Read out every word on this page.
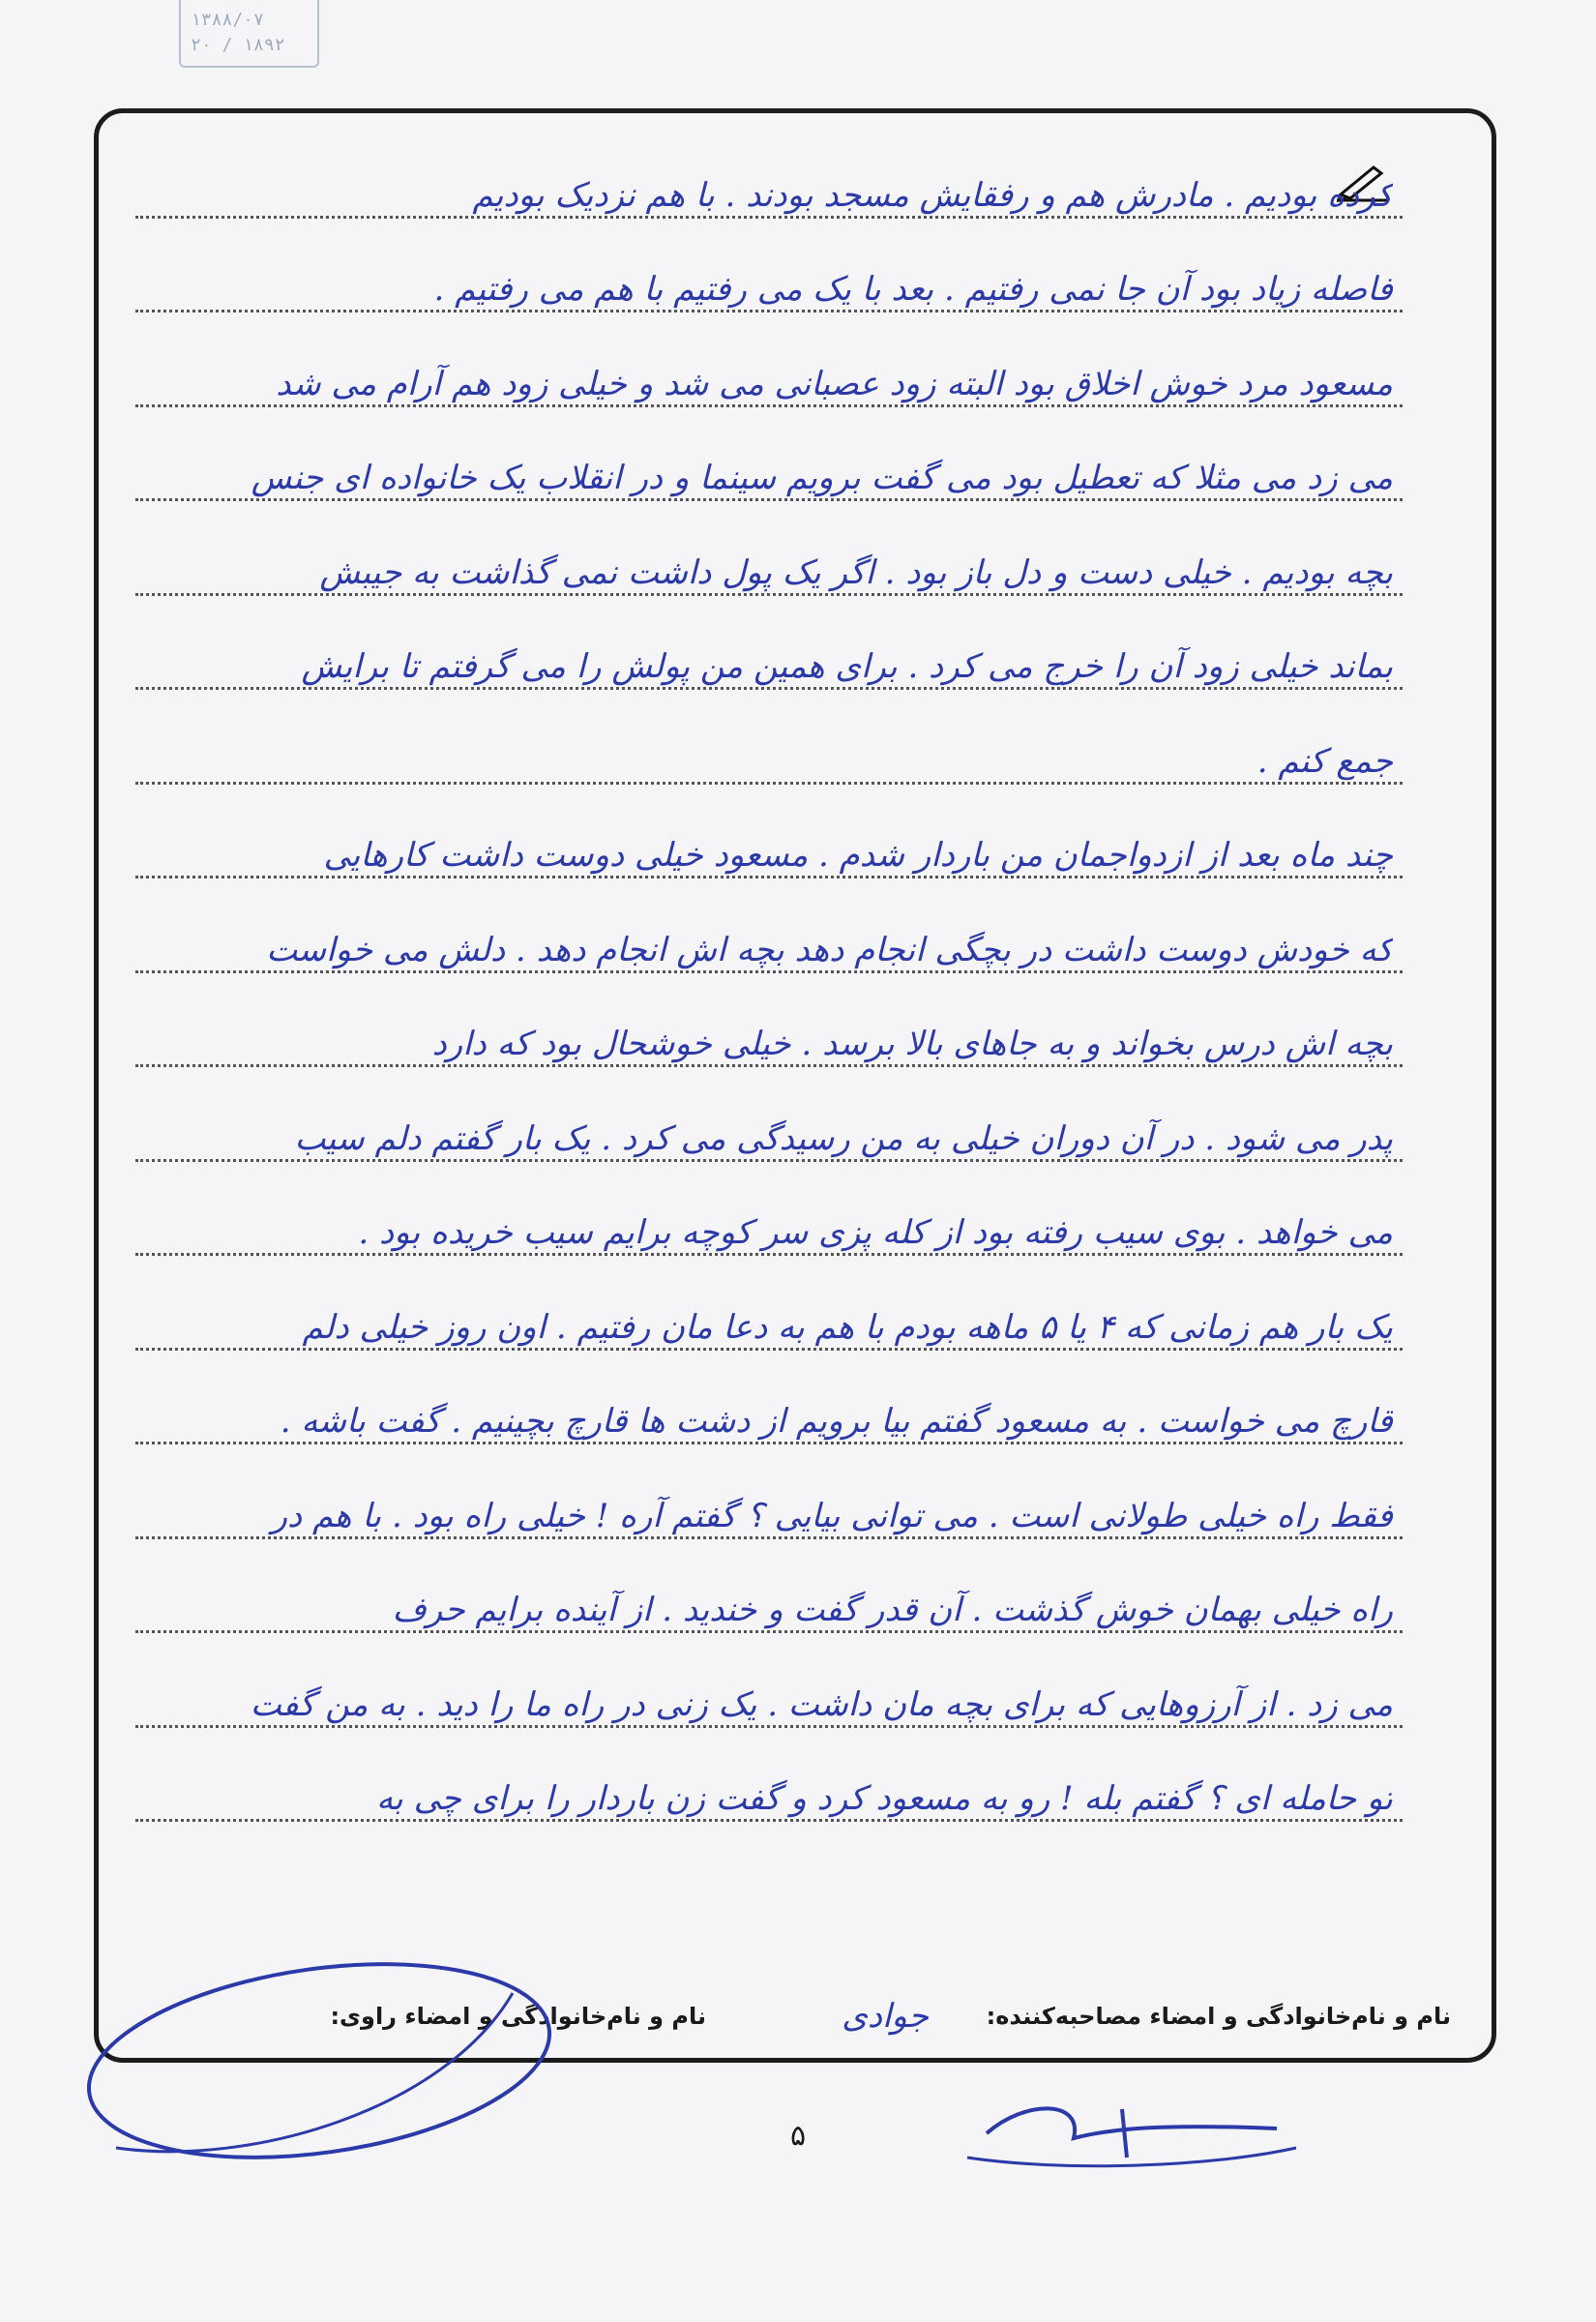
۱۳۸۸/۰۷
۲۰ / ۱۸۹۲
کرده بودیم . مادرش هم و رفقایش مسجد بودند . با هم نزدیک بودیم
فاصله زیاد بود آن جا نمی رفتیم . بعد با یک می رفتیم با هم می رفتیم .
مسعود مرد خوش اخلاق بود البته زود عصبانی می شد و خیلی زود هم آرام می شد
می زد می مثلا که تعطیل بود می گفت برویم سینما و در انقلاب یک خانواده ای جنس
بچه بودیم . خیلی دست و دل باز بود . اگر یک پول داشت نمی گذاشت به جیبش
بماند خیلی زود آن را خرج می کرد . برای همین من پولش را می گرفتم تا برایش
جمع کنم .
چند ماه بعد از ازدواجمان من باردار شدم . مسعود خیلی دوست داشت کارهایی
که خودش دوست داشت در بچگی انجام دهد بچه اش انجام دهد . دلش می خواست
بچه اش درس بخواند و به جاهای بالا برسد . خیلی خوشحال بود که دارد
پدر می شود . در آن دوران خیلی به من رسیدگی می کرد . یک بار گفتم دلم سیب
می خواهد . بوی سیب رفته بود از کله پزی سر کوچه برایم سیب خریده بود .
یک بار هم زمانی که ۴ یا ۵ ماهه بودم با هم به دعا مان رفتیم . اون روز خیلی دلم
قارچ می خواست . به مسعود گفتم بیا برویم از دشت ها قارچ بچینیم . گفت باشه .
فقط راه خیلی طولانی است . می توانی بیایی ؟ گفتم آره ! خیلی راه بود . با هم در
راه خیلی بهمان خوش گذشت . آن قدر گفت و خندید . از آینده برایم حرف
می زد . از آرزوهایی که برای بچه مان داشت . یک زنی در راه ما را دید . به من گفت
تو حامله ای ؟ گفتم بله ! رو به مسعود کرد و گفت زن باردار را برای چی به
نام و نام‌خانوادگی و امضاء مصاحبه‌کننده:
جوادی
نام و نام‌خانوادگی و امضاء راوی:
۵
